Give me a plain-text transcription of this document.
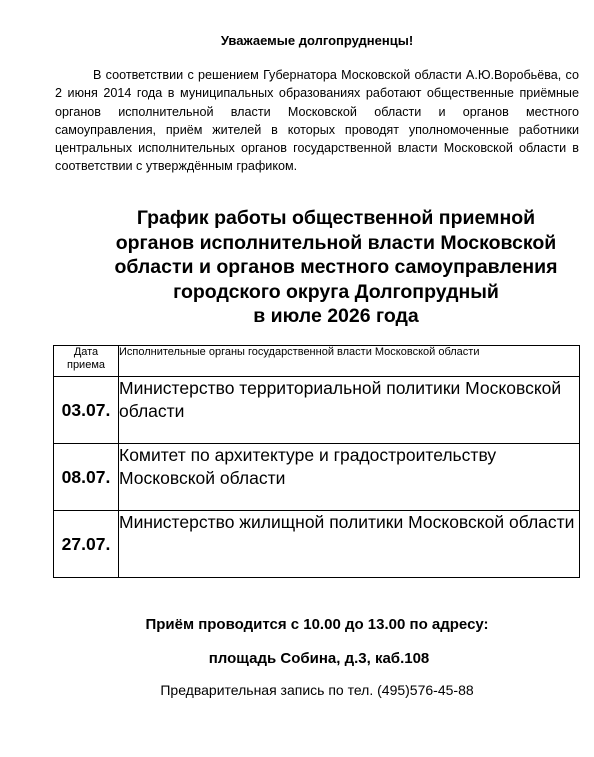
Уважаемые долгопрудненцы!

В соответствии с решением Губернатора Московской области А.Ю.Воробьёва, со 2 июня 2014 года в муниципальных образованиях работают общественные приёмные органов исполнительной власти Московской области и органов местного самоуправления, приём жителей в которых проводят уполномоченные работники центральных исполнительных органов государственной власти Московской области в соответствии с утверждённым графиком.

График работы общественной приемной
органов исполнительной власти Московской
области и органов местного самоуправления
городского округа Долгопрудный
в июле 2026 года
Дата приема	Исполнительные органы государственной власти Московской области
03.07.	Министерство территориальной политики Московской области
08.07.	Комитет по архитектуре и градостроительству Московской области
27.07.	Министерство жилищной политики Московской области
Приём проводится с 10.00 до 13.00 по адресу:
площадь Собина, д.3, каб.108
Предварительная запись по тел. (495)576-45-88
